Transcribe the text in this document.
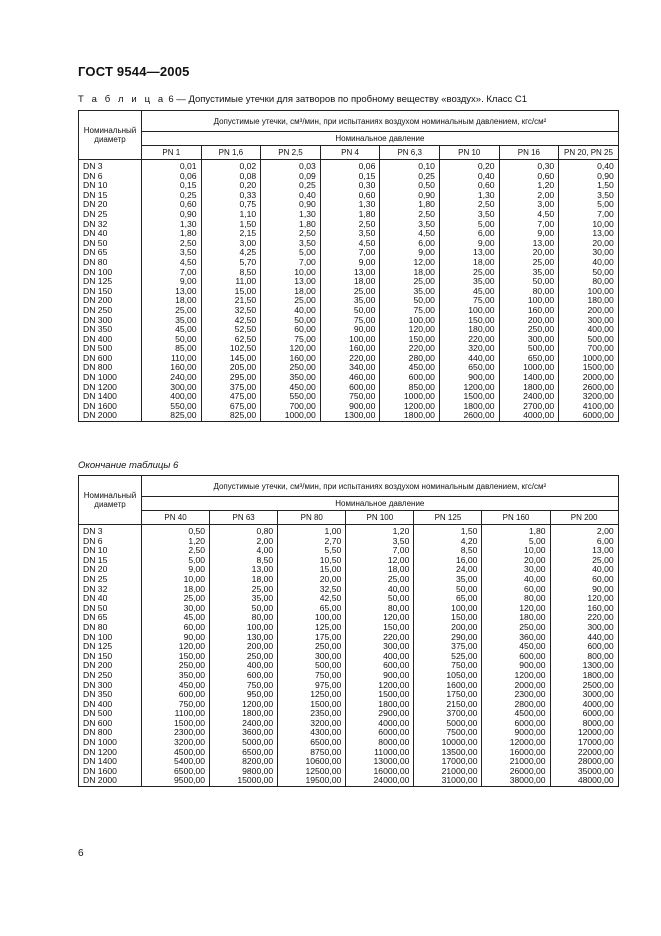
ГОСТ 9544—2005
Т а б л и ц а 6 — Допустимые утечки для затворов по пробному веществу «воздух». Класс С1
Номинальный диаметр	Допустимые утечки, см³/мин, при испытаниях воздухом номинальным давлением, кгс/см²							
	Номинальное давление							
	PN 1	PN 1,6	PN 2,5	PN 4	PN 6,3	PN 10	PN 16	PN 20, PN 25
DN 3	0,01	0,02	0,03	0,06	0,10	0,20	0,30	0,40
DN 6	0,06	0,08	0,09	0,15	0,25	0,40	0,60	0,90
DN 10	0,15	0,20	0,25	0,30	0,50	0,60	1,20	1,50
DN 15	0,25	0,33	0,40	0,60	0,90	1,30	2,00	3,50
DN 20	0,60	0,75	0,90	1,30	1,80	2,50	3,00	5,00
DN 25	0,90	1,10	1,30	1,80	2,50	3,50	4,50	7,00
DN 32	1,30	1,50	1,80	2,50	3,50	5,00	7,00	10,00
DN 40	1,80	2,15	2,50	3,50	4,50	6,00	9,00	13,00
DN 50	2,50	3,00	3,50	4,50	6,00	9,00	13,00	20,00
DN 65	3,50	4,25	5,00	7,00	9,00	13,00	20,00	30,00
DN 80	4,50	5,70	7,00	9,00	12,00	18,00	25,00	40,00
DN 100	7,00	8,50	10,00	13,00	18,00	25,00	35,00	50,00
DN 125	9,00	11,00	13,00	18,00	25,00	35,00	50,00	80,00
DN 150	13,00	15,00	18,00	25,00	35,00	45,00	80,00	100,00
DN 200	18,00	21,50	25,00	35,00	50,00	75,00	100,00	180,00
DN 250	25,00	32,50	40,00	50,00	75,00	100,00	160,00	200,00
DN 300	35,00	42,50	50,00	75,00	100,00	150,00	200,00	300,00
DN 350	45,00	52,50	60,00	90,00	120,00	180,00	250,00	400,00
DN 400	50,00	62,50	75,00	100,00	150,00	220,00	300,00	500,00
DN 500	85,00	102,50	120,00	160,00	220,00	320,00	500,00	700,00
DN 600	110,00	145,00	160,00	220,00	280,00	440,00	650,00	1000,00
DN 800	160,00	205,00	250,00	340,00	450,00	650,00	1000,00	1500,00
DN 1000	240,00	295,00	350,00	460,00	600,00	900,00	1400,00	2000,00
DN 1200	300,00	375,00	450,00	600,00	850,00	1200,00	1800,00	2600,00
DN 1400	400,00	475,00	550,00	750,00	1000,00	1500,00	2400,00	3200,00
DN 1600	550,00	675,00	700,00	900,00	1200,00	1800,00	2700,00	4100,00
DN 2000	825,00	825,00	1000,00	1300,00	1800,00	2600,00	4000,00	6000,00
Окончание таблицы 6
Номинальный диаметр	Допустимые утечки, см³/мин, при испытаниях воздухом номинальным давлением, кгс/см²						
	Номинальное давление						
	PN 40	PN 63	PN 80	PN 100	PN 125	PN 160	PN 200
DN 3	0,50	0,80	1,00	1,20	1,50	1,80	2,00
DN 6	1,20	2,00	2,70	3,50	4,20	5,00	6,00
DN 10	2,50	4,00	5,50	7,00	8,50	10,00	13,00
DN 15	5,00	8,50	10,50	12,00	16,00	20,00	25,00
DN 20	9,00	13,00	15,00	18,00	24,00	30,00	40,00
DN 25	10,00	18,00	20,00	25,00	35,00	40,00	60,00
DN 32	18,00	25,00	32,50	40,00	50,00	60,00	90,00
DN 40	25,00	35,00	42,50	50,00	65,00	80,00	120,00
DN 50	30,00	50,00	65,00	80,00	100,00	120,00	160,00
DN 65	45,00	80,00	100,00	120,00	150,00	180,00	220,00
DN 80	60,00	100,00	125,00	150,00	200,00	250,00	300,00
DN 100	90,00	130,00	175,00	220,00	290,00	360,00	440,00
DN 125	120,00	200,00	250,00	300,00	375,00	450,00	600,00
DN 150	150,00	250,00	300,00	400,00	525,00	600,00	800,00
DN 200	250,00	400,00	500,00	600,00	750,00	900,00	1300,00
DN 250	350,00	600,00	750,00	900,00	1050,00	1200,00	1800,00
DN 300	450,00	750,00	975,00	1200,00	1600,00	2000,00	2500,00
DN 350	600,00	950,00	1250,00	1500,00	1750,00	2300,00	3000,00
DN 400	750,00	1200,00	1500,00	1800,00	2150,00	2800,00	4000,00
DN 500	1100,00	1800,00	2350,00	2900,00	3700,00	4500,00	6000,00
DN 600	1500,00	2400,00	3200,00	4000,00	5000,00	6000,00	8000,00
DN 800	2300,00	3600,00	4300,00	6000,00	7500,00	9000,00	12000,00
DN 1000	3200,00	5000,00	6500,00	8000,00	10000,00	12000,00	17000,00
DN 1200	4500,00	6500,00	8750,00	11000,00	13500,00	16000,00	22000,00
DN 1400	5400,00	8200,00	10600,00	13000,00	17000,00	21000,00	28000,00
DN 1600	6500,00	9800,00	12500,00	16000,00	21000,00	26000,00	35000,00
DN 2000	9500,00	15000,00	19500,00	24000,00	31000,00	38000,00	48000,00
6
